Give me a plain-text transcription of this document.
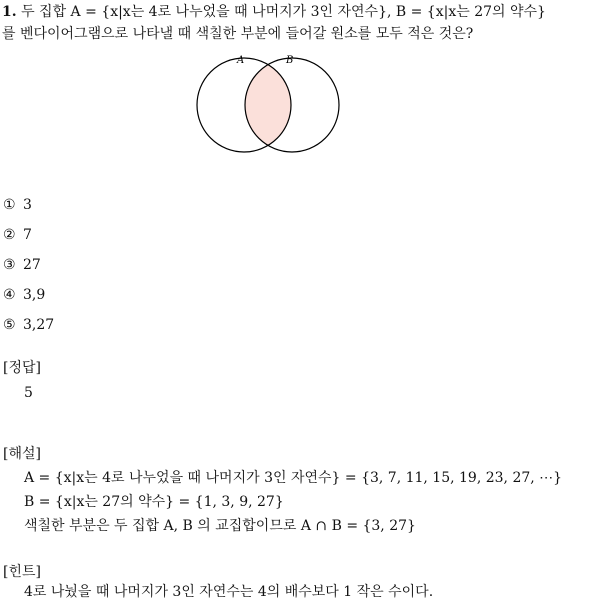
1. 두 집합 A = {x|x는 4로 나누었을 때 나머지가 3인 자연수}, B = {x|x는 27의 약수}
를 벤다이어그램으로 나타낼 때 색칠한 부분에 들어갈 원소를 모두 적은 것은?
A	B
① 3
② 7
③ 27
④ 3,9
⑤ 3,27
[정답]
5
[해설]
A = {x|x는 4로 나누었을 때 나머지가 3인 자연수} = {3, 7, 11, 15, 19, 23, 27, ⋯}
B = {x|x는 27의 약수} = {1, 3, 9, 27}
색칠한 부분은 두 집합 A, B 의 교집합이므로 A ∩ B = {3, 27}
[힌트]
4로 나눴을 때 나머지가 3인 자연수는 4의 배수보다 1 작은 수이다.
